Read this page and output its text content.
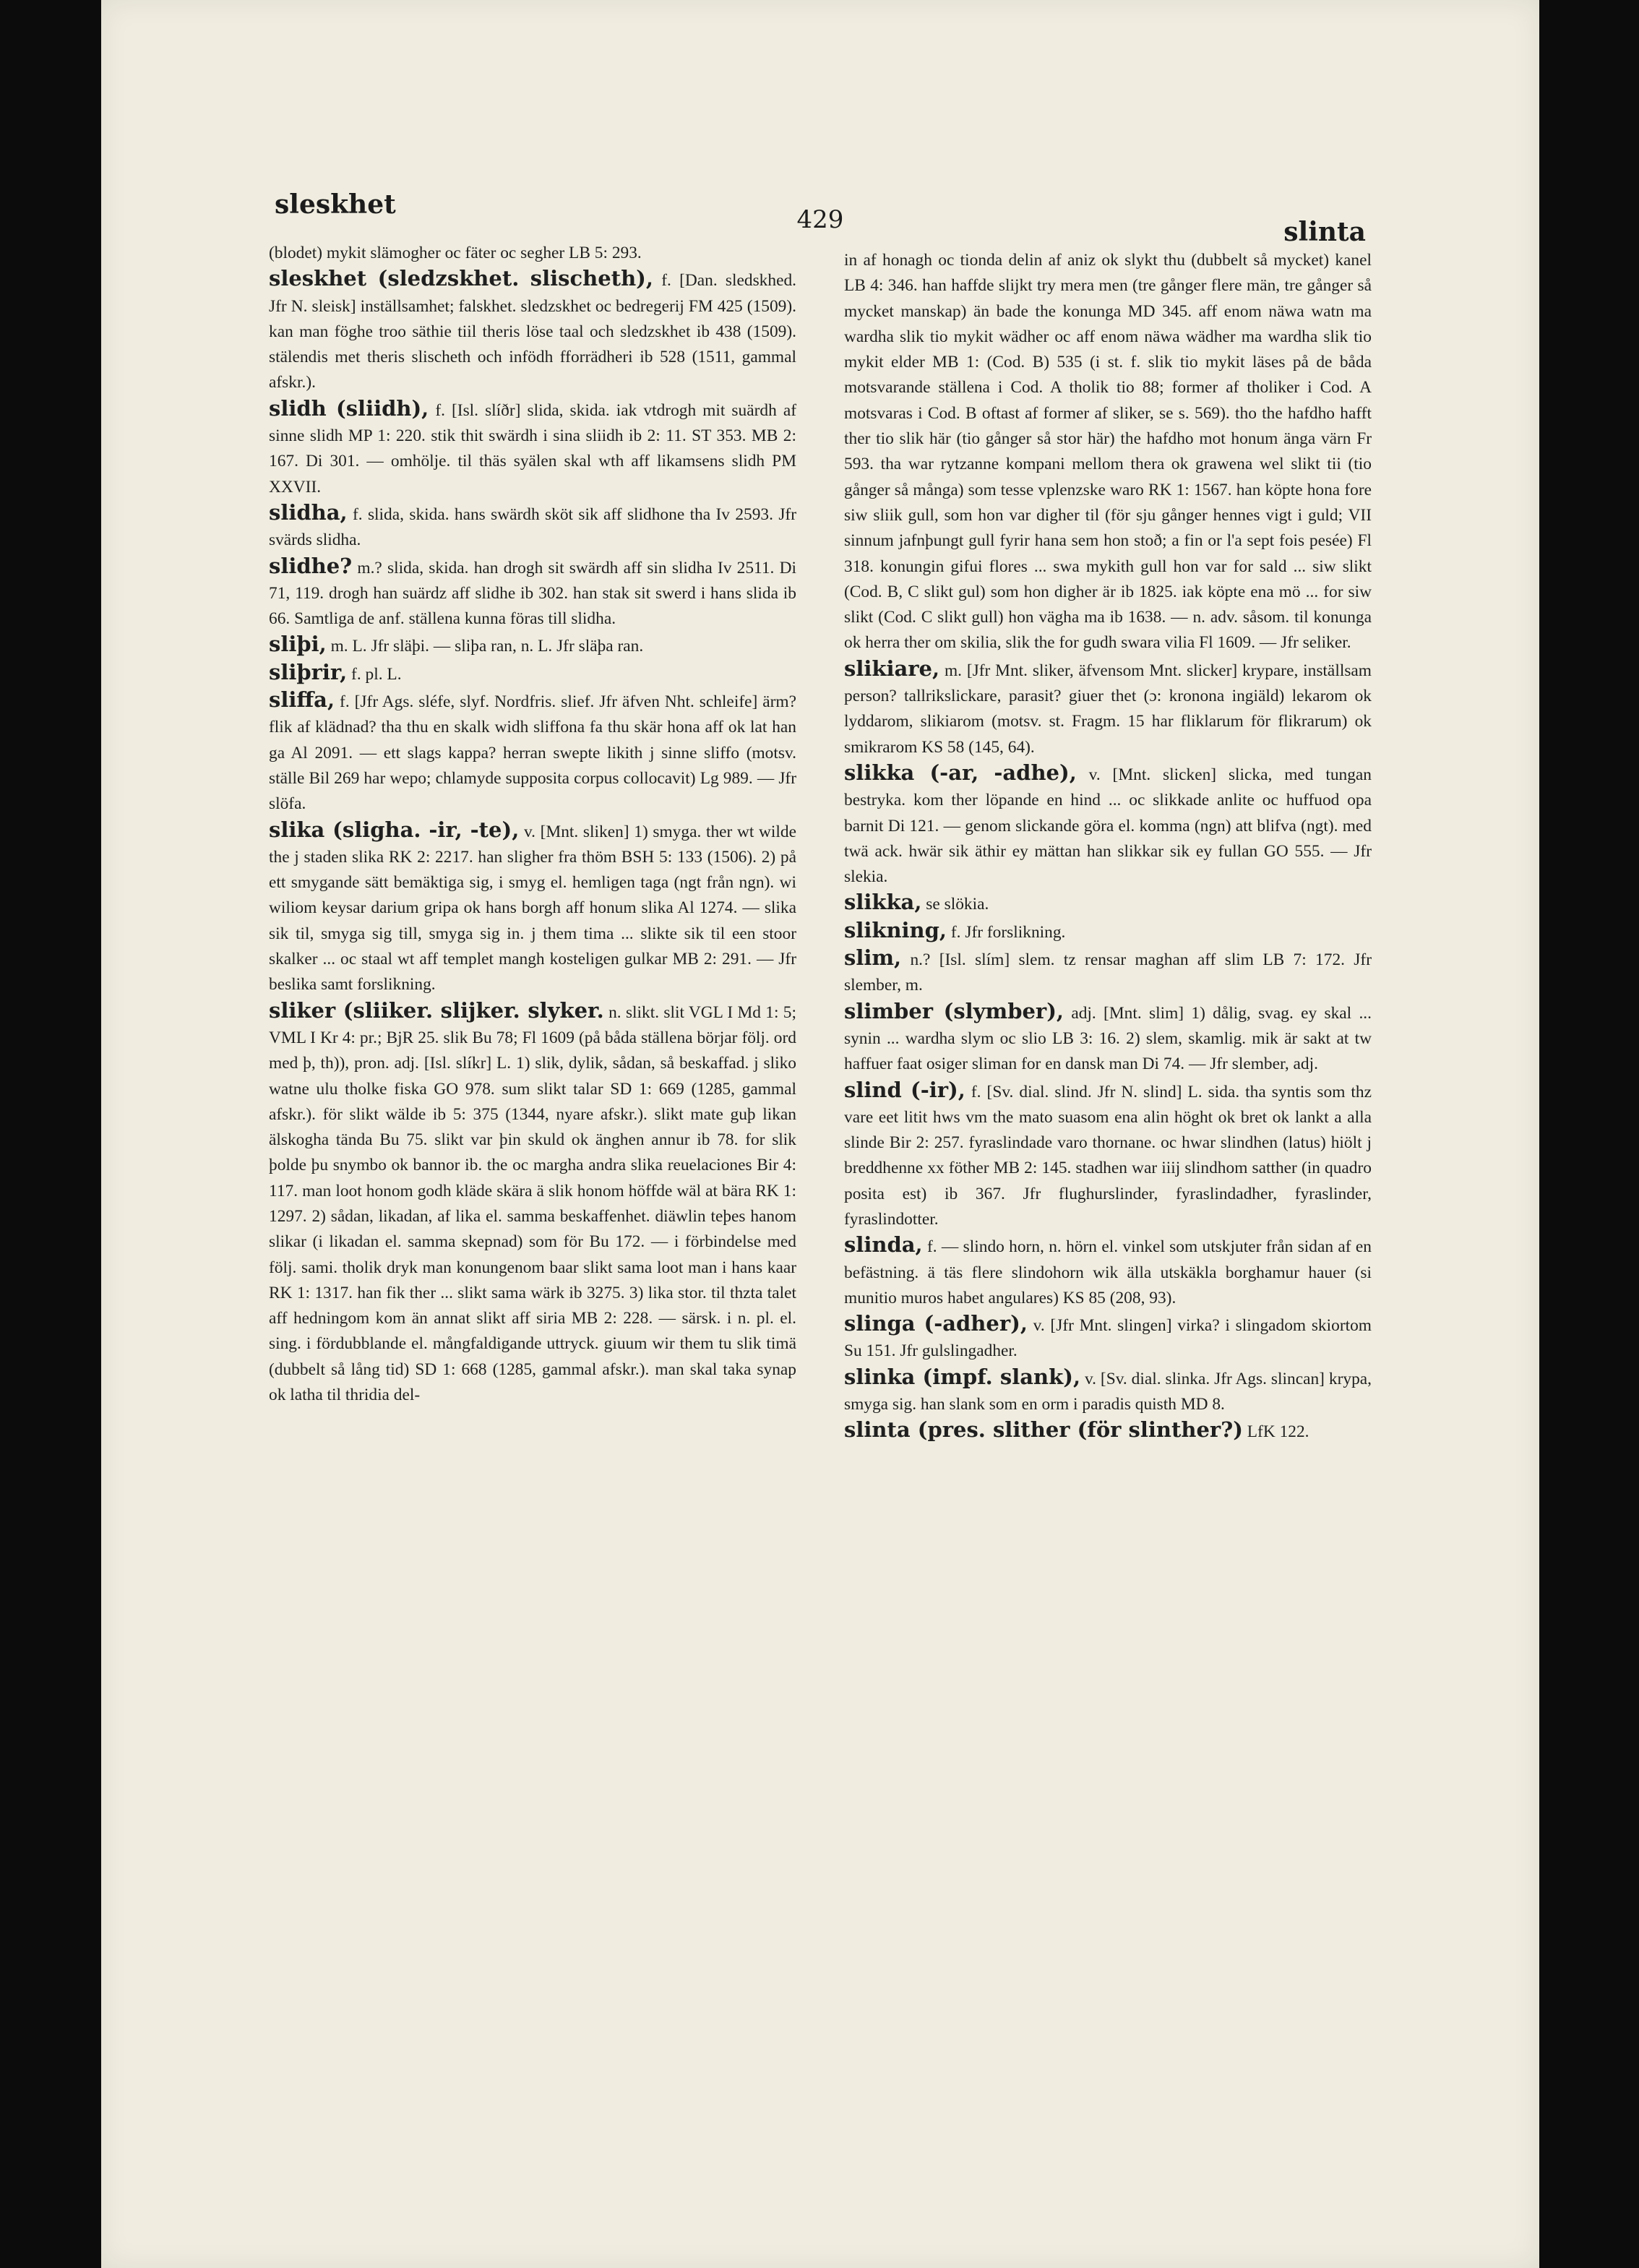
sleskhet	429	slinta

(blodet) mykit slämogher oc fäter oc segher LB 5: 293.

sleskhet (sledzskhet. slischeth), f. [Dan. sledskhed. Jfr N. sleisk] inställsamhet; falskhet. sledzskhet oc bedregerij FM 425 (1509). kan man föghe troo säthie tiil theris löse taal och sledzskhet ib 438 (1509). stälendis met theris slischeth och infödh fforrädheri ib 528 (1511, gammal afskr.).

slidh (sliidh), f. [Isl. slíðr] slida, skida. iak vtdrogh mit suärdh af sinne slidh MP 1: 220. stik thit swärdh i sina sliidh ib 2: 11. ST 353. MB 2: 167. Di 301. — omhölje. til thäs syälen skal wth aff likamsens slidh PM XXVII.

slidha, f. slida, skida. hans swärdh sköt sik aff slidhone tha Iv 2593. Jfr svärds slidha.

slidhe? m.? slida, skida. han drogh sit swärdh aff sin slidha Iv 2511. Di 71, 119. drogh han suärdz aff slidhe ib 302. han stak sit swerd i hans slida ib 66. Samtliga de anf. ställena kunna föras till slidha.

sliþi, m. L. Jfr släþi. — sliþa ran, n. L. Jfr släþa ran.

sliþrir, f. pl. L.

sliffa, f. [Jfr Ags. sléfe, slyf. Nordfris. slief. Jfr äfven Nht. schleife] ärm? flik af klädnad? tha thu en skalk widh sliffona fa thu skär hona aff ok lat han ga Al 2091. — ett slags kappa? herran swepte likith j sinne sliffo (motsv. ställe Bil 269 har wepo; chlamyde supposita corpus collocavit) Lg 989. — Jfr slöfa.

slika (sligha. -ir, -te), v. [Mnt. sliken] 1) smyga. ther wt wilde the j staden slika RK 2: 2217. han sligher fra thöm BSH 5: 133 (1506). 2) på ett smygande sätt bemäktiga sig, i smyg el. hemligen taga (ngt från ngn). wi wiliom keysar darium gripa ok hans borgh aff honum slika Al 1274. — slika sik til, smyga sig till, smyga sig in. j them tima ... slikte sik til een stoor skalker ... oc staal wt aff templet mangh kosteligen gulkar MB 2: 291. — Jfr beslika samt forslikning.

sliker (sliiker. slijker. slyker. n. slikt. slit VGL I Md 1: 5; VML I Kr 4: pr.; BjR 25. slik Bu 78; Fl 1609 (på båda ställena börjar följ. ord med þ, th)), pron. adj. [Isl. slíkr] L. 1) slik, dylik, sådan, så beskaffad. j sliko watne ulu tholke fiska GO 978. sum slikt talar SD 1: 669 (1285, gammal afskr.). för slikt wälde ib 5: 375 (1344, nyare afskr.). slikt mate guþ likan älskogha tända Bu 75. slikt var þin skuld ok änghen annur ib 78. for slik þolde þu snymbo ok bannor ib. the oc margha andra slika reuelaciones Bir 4: 117. man loot honom godh kläde skära ä slik honom höffde wäl at bära RK 1: 1297. 2) sådan, likadan, af lika el. samma beskaffenhet. diäwlin teþes hanom slikar (i likadan el. samma skepnad) som för Bu 172. — i förbindelse med följ. sami. tholik dryk man konungenom baar slikt sama loot man i hans kaar RK 1: 1317. han fik ther ... slikt sama wärk ib 3275. 3) lika stor. til thzta talet aff hedningom kom än annat slikt aff siria MB 2: 228. — särsk. i n. pl. el. sing. i fördubblande el. mångfaldigande uttryck. giuum wir them tu slik timä (dubbelt så lång tid) SD 1: 668 (1285, gammal afskr.). man skal taka synap ok latha til thridia del-

in af honagh oc tionda delin af aniz ok slykt thu (dubbelt så mycket) kanel LB 4: 346. han haffde slijkt try mera men (tre gånger flere män, tre gånger så mycket manskap) än bade the konunga MD 345. aff enom näwa watn ma wardha slik tio mykit wädher oc aff enom näwa wädher ma wardha slik tio mykit elder MB 1: (Cod. B) 535 (i st. f. slik tio mykit läses på de båda motsvarande ställena i Cod. A tholik tio 88; former af tholiker i Cod. A motsvaras i Cod. B oftast af former af sliker, se s. 569). tho the hafdho hafft ther tio slik här (tio gånger så stor här) the hafdho mot honum änga värn Fr 593. tha war rytzanne kompani mellom thera ok grawena wel slikt tii (tio gånger så många) som tesse vplenzske waro RK 1: 1567. han köpte hona fore siw sliik gull, som hon var digher til (för sju gånger hennes vigt i guld; VII sinnum jafnþungt gull fyrir hana sem hon stoð; a fin or l'a sept fois pesée) Fl 318. konungin gifui flores ... swa mykith gull hon var for sald ... siw slikt (Cod. B, C slikt gul) som hon digher är ib 1825. iak köpte ena mö ... for siw slikt (Cod. C slikt gull) hon vägha ma ib 1638. — n. adv. såsom. til konunga ok herra ther om skilia, slik the for gudh swara vilia Fl 1609. — Jfr seliker.

slikiare, m. [Jfr Mnt. sliker, äfvensom Mnt. slicker] krypare, inställsam person? tallrikslickare, parasit? giuer thet (ɔ: kronona ingiäld) lekarom ok lyddarom, slikiarom (motsv. st. Fragm. 15 har fliklarum för flikrarum) ok smikrarom KS 58 (145, 64).

slikka (-ar, -adhe), v. [Mnt. slicken] slicka, med tungan bestryka. kom ther löpande en hind ... oc slikkade anlite oc huffuod opa barnit Di 121. — genom slickande göra el. komma (ngn) att blifva (ngt). med twä ack. hwär sik äthir ey mättan han slikkar sik ey fullan GO 555. — Jfr slekia.

slikka, se slökia.

slikning, f. Jfr forslikning.

slim, n.? [Isl. slím] slem. tz rensar maghan aff slim LB 7: 172. Jfr slember, m.

slimber (slymber), adj. [Mnt. slim] 1) dålig, svag. ey skal ... synin ... wardha slym oc slio LB 3: 16. 2) slem, skamlig. mik är sakt at tw haffuer faat osiger sliman for en dansk man Di 74. — Jfr slember, adj.

slind (-ir), f. [Sv. dial. slind. Jfr N. slind] L. sida. tha syntis som thz vare eet litit hws vm the mato suasom ena alin höght ok bret ok lankt a alla slinde Bir 2: 257. fyraslindade varo thornane. oc hwar slindhen (latus) hiölt j breddhenne xx föther MB 2: 145. stadhen war iiij slindhom satther (in quadro posita est) ib 367. Jfr flughurslinder, fyraslindadher, fyraslinder, fyraslindotter.

slinda, f. — slindo horn, n. hörn el. vinkel som utskjuter från sidan af en befästning. ä täs flere slindohorn wik älla utskäkla borghamur hauer (si munitio muros habet angulares) KS 85 (208, 93).

slinga (-adher), v. [Jfr Mnt. slingen] virka? i slingadom skiortom Su 151. Jfr gulslingadher.

slinka (impf. slank), v. [Sv. dial. slinka. Jfr Ags. slincan] krypa, smyga sig. han slank som en orm i paradis quisth MD 8.

slinta (pres. slither (för slinther?) LfK 122.
